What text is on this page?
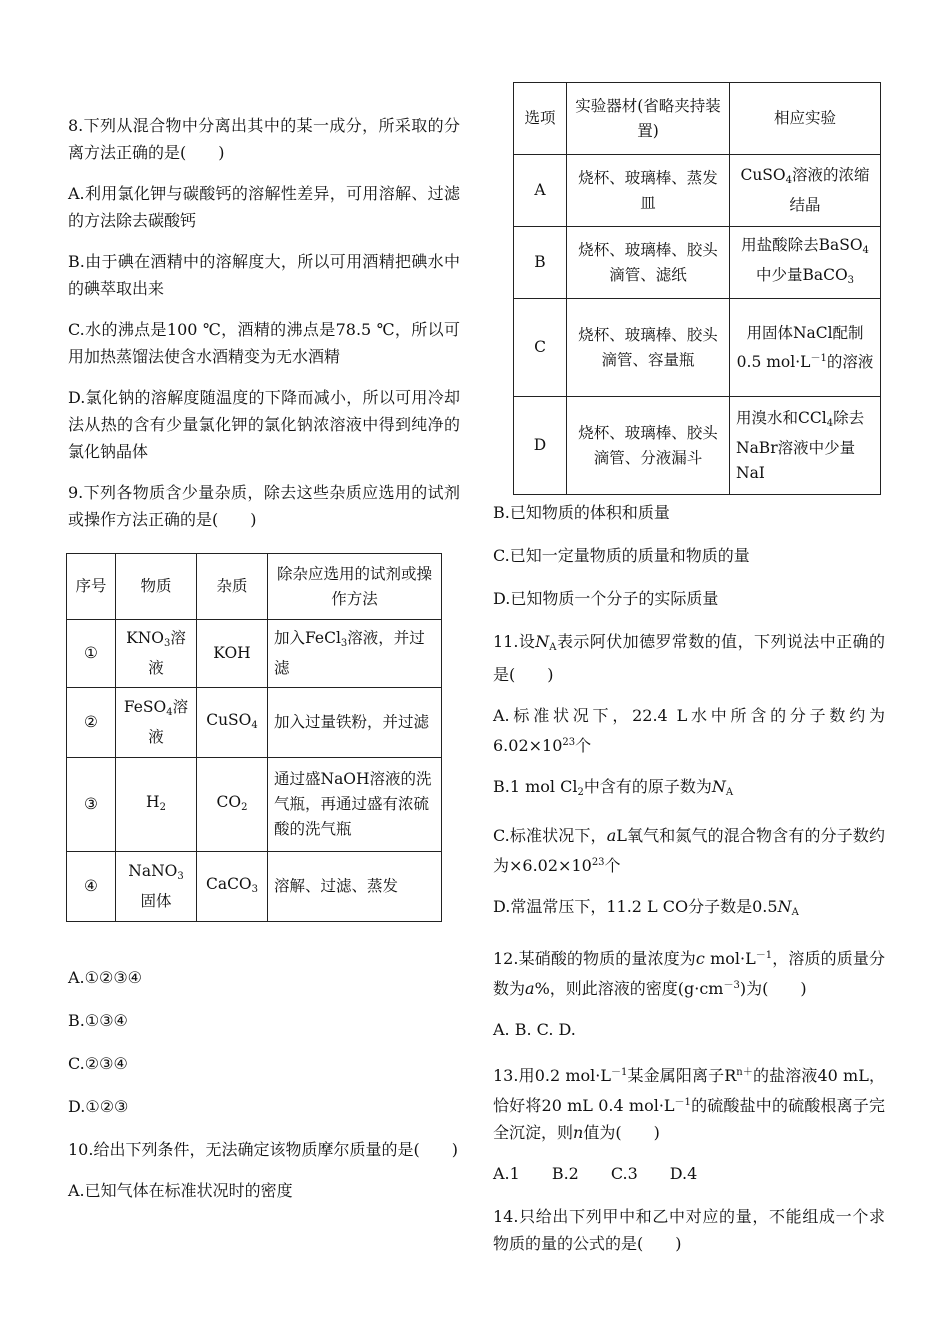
8.下列从混合物中分离出其中的某一成分，所采取的分离方法正确的是(　　)

A.利用氯化钾与碳酸钙的溶解性差异，可用溶解、过滤的方法除去碳酸钙

B.由于碘在酒精中的溶解度大，所以可用酒精把碘水中的碘萃取出来

C.水的沸点是100 ℃，酒精的沸点是78.5 ℃，所以可用加热蒸馏法使含水酒精变为无水酒精

D.氯化钠的溶解度随温度的下降而减小，所以可用冷却法从热的含有少量氯化钾的氯化钠浓溶液中得到纯净的氯化钠晶体

9.下列各物质含少量杂质，除去这些杂质应选用的试剂或操作方法正确的是(　　)

序号	物质	杂质	除杂应选用的试剂或操作方法
①	$KNO_3$溶液	KOH	加入FeCl$_3$溶液，并过滤
②	FeSO$_4$溶液	CuSO$_4$	加入过量铁粉，并过滤
③	$H_2$	$CO_2$	通过盛NaOH溶液的洗气瓶，再通过盛有浓硫酸的洗气瓶
④	NaNO$_3$固体	CaCO$_3$	溶解、过滤、蒸发

A.①②③④

B.①③④

C.②③④

D.①②③

10.给出下列条件，无法确定该物质摩尔质量的是(　　)

A.已知气体在标准状况时的密度

选项	实验器材(省略夹持装置)	相应实验
A	烧杯、玻璃棒、蒸发皿	CuSO$_4$溶液的浓缩结晶
B	烧杯、玻璃棒、胶头滴管、滤纸	用盐酸除去BaSO$_4$中少量BaCO$_3$
C	烧杯、玻璃棒、胶头滴管、容量瓶	用固体NaCl配制0.5 $mol\cdot L^{-1}$的溶液
D	烧杯、玻璃棒、胶头滴管、分液漏斗	用溴水和CCl$_4$除去NaBr溶液中少量NaI

B.已知物质的体积和质量

C.已知一定量物质的质量和物质的量

D.已知物质一个分子的实际质量

11.设$N_A$表示阿伏加德罗常数的值，下列说法中正确的是(　　)

A.标准状况下，22.4 L水中所含的分子数约为$6.02\times 10^{23}$个

B.1 mol $Cl_2$中含有的原子数为$N_A$

C.标准状况下，aL氧气和氮气的混合物含有的分子数约为$\times 6.02\times 10^{23}$个

D.常温常压下，11.2 L CO分子数是$0.5N_A$

12.某硝酸的物质的量浓度为c $mol\cdot L^{-1}$，溶质的质量分数为a%，则此溶液的密度$(g\cdot cm^{-3})$为(　　)

A. B. C. D.

13.用0.2 $mol\cdot L^{-1}$某金属阳离子$R^{n+}$的盐溶液40 mL，恰好将20 mL 0.4 $mol\cdot L^{-1}$的硫酸盐中的硫酸根离子完全沉淀，则n值为(　　)

A.1　　B.2　　C.3　　D.4

14.只给出下列甲中和乙中对应的量，不能组成一个求物质的量的公式的是(　　)
